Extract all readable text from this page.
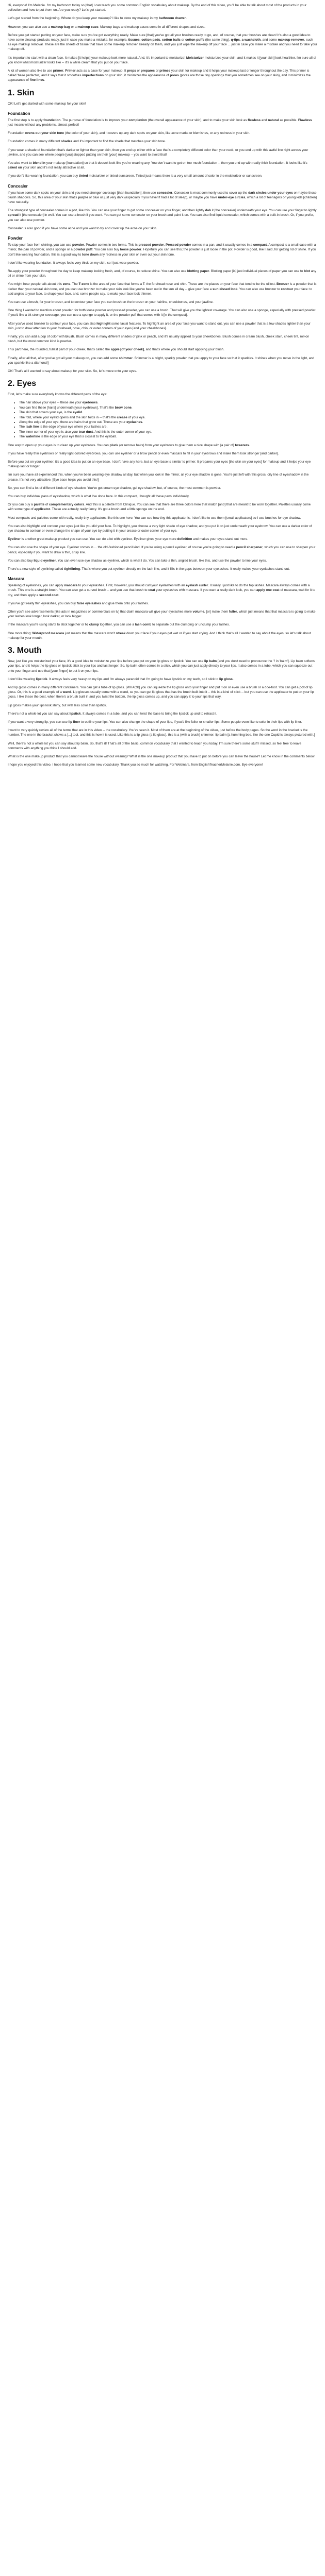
Hi, everyone! I'm Melanie. I'm my bathroom today so [that] I can teach you some common English vocabulary about makeup. By the end of this video, you'll be able to talk about most of the products in your collection and how to put them on. Are you ready? Let's get started.

Let's get started from the beginning. Where do you keep your makeup? I like to store my makeup in my bathroom drawer.

However, you can also use a makeup bag or a makeup case. Makeup bags and makeup cases come in all different shapes and sizes.

Before you get started putting on your face, make sure you've got everything ready. Make sure [that] you've got all your brushes ready to go, and, of course, that your brushes are clean! It's also a good idea to have some cleanup products ready, just in case you make a mistake, for example, tissues, cotton pads, cotton balls or cotton puffs (the same thing), q-tips, a washcloth, and some makeup remover, such as eye makeup removal. These are the sheets of tissue that have some makeup remover already on them, and you just wipe the makeup off your face ... just in case you make a mistake and you need to take your makeup off.

It's important to start with a clean face. It makes [it helps] your makeup look more natural. And, it's important to moisturize! Moisturizer moisturizes your skin, and it makes it [your skin] look healthier. I'm sure all of you know what moisturizer looks like -- it's a white cream that you put on your face.

A lot of women also like to use primer. Primer acts as a base for your makeup. It preps or prepares or primes your skin for makeup and it helps your makeup last or longer throughout the day. This primer is called 'base perfector,' and it says that it smoothes imperfections on your skin, it minimizes the appearance of pores (pores are those tiny openings that you sometimes see on your skin), and it minimizes the appearance of fine lines.

1. Skin

OK! Let's get started with some makeup for your skin!

Foundation

The first step is to apply foundation. The purpose of foundation is to improve your complexion (the overall appearance of your skin), and to make your skin look as flawless and natural as possible. Flawless just means without any problems, almost perfect!

Foundation evens out your skin tone (the color of your skin), and it covers up any dark spots on your skin, like acne marks or blemishes, or any redness in your skin.

Foundation comes in many different shades and it's important to find the shade that matches your skin tone.

If you wear a shade of foundation that's darker or lighter than your skin, then you end up either with a face that's a completely different color than your neck, or you end up with this awful line right across your jawline, and you can see where people [you] stopped putting on their [your] makeup -- you want to avoid that!

You also want to blend in your makeup [foundation] so that it doesn't look like you're wearing any. You don't want to get on too much foundation -- then you end up with really thick foundation. It looks like it's caked on your skin and it's not really attractive at all.

If you don't like wearing foundation, you can buy tinted moisturizer or tinted sunscreen. Tinted just means there is a very small amount of color in the moisturizer or sunscreen.

Concealer

If you have some dark spots on your skin and you need stronger coverage [than foundation], then use concealer. Concealer is most commonly used to cover up the dark circles under your eyes or maybe those bluish shadows. So, this area of your skin that's purple or blue or just very dark (especially if you haven't had a lot of sleep), or maybe you have under-eye circles, which a lot of teenagers or young kids [children] have naturally.

The strongest type of concealer comes in a pot, like this. You can use your finger to get some concealer on your finger, and then lightly dab it [the concealer] underneath your eye. You can use your finger to lightly spread it [the concealer] in well. You can use a brush if you want. You can get some concealer on your brush and paint it on. You can also find liquid concealer, which comes with a built-in brush. Or, if you prefer, you can also use powder.

Concealer is also good if you have some acne and you want to try and cover up the acne on your skin.

Powder

To stop your face from shining, you can use powder. Powder comes in two forms. This is pressed powder. Pressed powder comes in a pan, and it usually comes in a compact. A compact is a small case with a mirror, the pan of powder, and a sponge or a powder puff. You can also buy loose powder. Hopefully you can see this; the powder is just loose in the pot. Powder is good, like I said, for getting rid of shine. If you don't like wearing foundation, this is a good way to tone down any redness in your skin or even out your skin tone.

I don't like wearing foundation. It always feels very thick on my skin, so I just wear powder.

Re-apply your powder throughout the day to keep makeup looking fresh, and, of course, to reduce shine. You can also use blotting paper. Blotting paper [is] just individual pieces of paper you can use to blot any oil or shine from your skin.

You might hear people talk about this zone. The T-zone is the area of your face that forms a T: the forehead nose and chin. These are the places on your face that tend to be the oiliest. Bronzer is a powder that is darker than your natural skin tone, and you can use bronzer to make your skin look like you've been out in the sun all day -- give your face a sun-kissed look. You can also use bronzer to contour your face: to add angles to your face, to shape your face, and, some people say, to make your face look thinner.

You can use a brush, for your bronzer, and to contour your face you can brush on the bronzer on your hairline, cheekbones, and your jawline.

One thing I wanted to mention about powder: for both loose powder and pressed powder, you can use a brush. That will give you the lightest coverage. You can also use a sponge, especially with pressed powder. If you'd like a bit stronger coverage, you can use a sponge to apply it, or the powder puff that comes with it [in the compact].

After you've used bronzer to contour your face, you can also highlight some facial features. To highlight an area of your face you want to stand out, you can use a powder that is a few shades lighter than your skin, just to draw attention to your forehead, nose, chin, or outer corners of your eyes [and your cheekbones].

Finally, you can add a pop of color with blush. Blush comes in many different shades of pink or peach, and it's usually applied to your cheekbones. Blush comes in cream blush, cheek stain, cheek tint, roll-on blush, but the most common kind is powder.

This part here, the rounded, fullest part of your cheek, that's called the apple [of your cheek], and that's where you should start applying your blush.

Finally, after all that, after you've got all your makeup on, you can add some shimmer. Shimmer is a bright, sparkly powder that you apply to your face so that it sparkles. It shines when you move in the light, and you sparkle like a diamond!]

OK! That's all I wanted to say about makeup for your skin. So, let's move onto your eyes.

2. Eyes

First, let's make sure everybody knows the different parts of the eye:

• The hair above your eyes -- these are your eyebrows.
• You can find these [hairs] underneath [your eyebrows]. That's the brow bone.
• The skin that covers your eye, is the eyelid.
• The fold, where your eyelid opens and the skin folds in -- that's the crease of your eye.
• Along the edge of your eye, there are hairs that grow out. These are your eyelashes.
• The lash line is the edge of your eye where your lashes are.
• The inner corner of your eye is also your tear duct. And this is the outer corner of your eye.
• The waterline is the edge of your eye that is closest to the eyeball.

One way to open up your eyes is to clean up your eyebrows. You can pluck (or remove hairs) from your eyebrows to give them a nice shape with [a pair of] tweezers.

If you have really thin eyebrows or really light-colored eyebrows, you can use eyeliner or a brow pencil or even mascara to fill in your eyebrows and make them look stronger [and darker].

Before you put on your eyeliner, it's a good idea to put on an eye base. I don't have any here, but an eye base is similar to primer. It prepares your eyes [the skin on your eyes] for makeup and it helps your eye makeup last or longer.

I'm sure you have all experienced this, when you've been wearing eye shadow all day, but when you look in the mirror, all your eye shadow is gone. You're just left with this gross, oily line of eyeshadow in the crease. It's not very attractive. [Eye base helps you avoid this!]

So, you can find a lot of different kinds of eye shadow. You've got cream eye shadow, gel eye shadow, but, of course, the most common is powder.

You can buy individual pans of eyeshadow, which is what I've done here. In this compact, I bought all these pans individually.

Or you can buy a palette of complementary colors. And this is a palette from Clinique. You can see that there are three colors here that match [and] that are meant to be worn together. Palettes usually come with some type of applicator. These are actually really fancy. It's got a brush and a little sponge on the end.

Most compacts and palettes come with really, really tiny applicators, like this one here. You can see how tiny this applicator is. I don't like to use them [small applicators] so I use brushes for eye shadow.

You can also highlight and contour your eyes just like you did your face. To highlight, you choose a very light shade of eye shadow, and you put it on just underneath your eyebrow. You can use a darker color of eye shadow to contour or even change the shape of your eye by putting it in your crease or outer corner of your eye.

Eyeliner is another great makeup product you can use. You can do a lot with eyeliner. Eyeliner gives your eye more definition and makes your eyes stand out more.

You can also use the shape of your eye. Eyeliner comes in ... the old-fashioned pencil kind. If you're using a pencil eyeliner, of course you're going to need a pencil sharpener, which you can use to sharpen your pencil, especially if you want to draw a thin, crisp line.

You can also buy liquid eyeliner. You can even use eye shadow as eyeliner, which is what I do. You can take a thin, angled brush, like this, and use the powder to line your eyes.

There's a new style of eyelining called tightlining. That's where you put eyeliner directly on the lash line, and it fills in the gaps between your eyelashes. It really makes your eyelashes stand out.

Mascara

Speaking of eyelashes, you can apply mascara to your eyelashes. First, however, you should curl your eyelashes with an eyelash curler. Usually I just like to do the top lashes. Mascara always comes with a brush. This one is a straight brush. You can also get a curved brush -- and you use that brush to coat your eyelashes with mascara. If you want a really dark look, you can apply one coat of mascara, wait for it to dry, and then apply a second coat.

If you've got really thin eyelashes, you can buy false eyelashes and glue them onto your lashes.

Often you'll see advertisements [like ads in magazines or commercials on tv] that claim mascara will give your eyelashes more volume, [or] make them fuller, which just means that that mascara is going to make your lashes look longer, look darker, or look bigger.

If the mascara you're using starts to stick together or to clump together, you can use a lash comb to separate out the clumping or unclump your lashes.

One more thing: Waterproof mascara just means that the mascara won't streak down your face if your eyes get wet or if you start crying. And I think that's all I wanted to say about the eyes, so let's talk about makeup for your mouth.

3. Mouth

Now, just like you moisturized your face, it's a good idea to moisturize your lips before you put on your lip gloss or lipstick. You can use lip balm [and you don't need to pronounce the 'l' in 'balm']. Lip balm softens your lips, and it helps the lip gloss or lipstick stick to your lips and last longer. So, lip balm often comes in a stick, which you can just apply directly to your lips. It also comes in a tube, which you can squeeze out onto your finger and use that [your finger] to put it on your lips.

I don't like wearing lipstick. It always feels very heavy on my lips and I'm always paranoid that I'm going to have lipstick on my teeth, so I stick to lip gloss.

And lip gloss comes in many different containers. You can get a tube of lip gloss. [WHACK] you can squeeze the lip gloss onto your finger and put it on or even use a brush or a doe-foot. You can get a pot of lip gloss. Or, this is a good example of a wand. Lip glosses usually come with a wand, so you can get lip gloss that has the brush built into it -- this is a kind of stick -- but you can use the applicator to put on your lip gloss. I like these the best, when there's a brush built in and you twist the bottom, the lip gloss comes up, and you can apply it to your lips that way.

Lip gloss makes your lips look shiny, but with less color than lipstick.

There's not a whole lot you can say about lipstick. It always comes in a tube, and you can twist the base to bring the lipstick up and to retract it.

If you want a very strong lip, you can use lip liner to outline your lips. You can also change the shape of your lips, if you'd like fuller or smaller lips. Some people even like to color in their lips with lip liner.

I want to very quickly review all of the terms that are in this video -- the vocabulary. You've seen it. Most of them are at the beginning of the video, just before the body pages. So the word in the bracket is the number. The one in the bracket shows a [...] tool, and this is how it is used. Like this is a lip gloss (a lip gloss), this is a (with a brush) shimmer, lip balm [a humming bee, like the one Cupid is always pictured with.]

Well, there's not a whole lot you can say about lip balm. So, that's it! That's all of the basic, common vocabulary that I wanted to teach you today. I'm sure there's some stuff I missed, so feel free to leave comments with anything you think I should add.

What is the one makeup product that you cannot leave the house without wearing? What is the one makeup product that you have to put on before you can leave the house? Let me know in the comments below!

I hope you enjoyed this video. I hope that you learned some new vocabulary. Thank you so much for watching. For Webinars, from EnglishTeacherMelanie.com. Bye everyone!
